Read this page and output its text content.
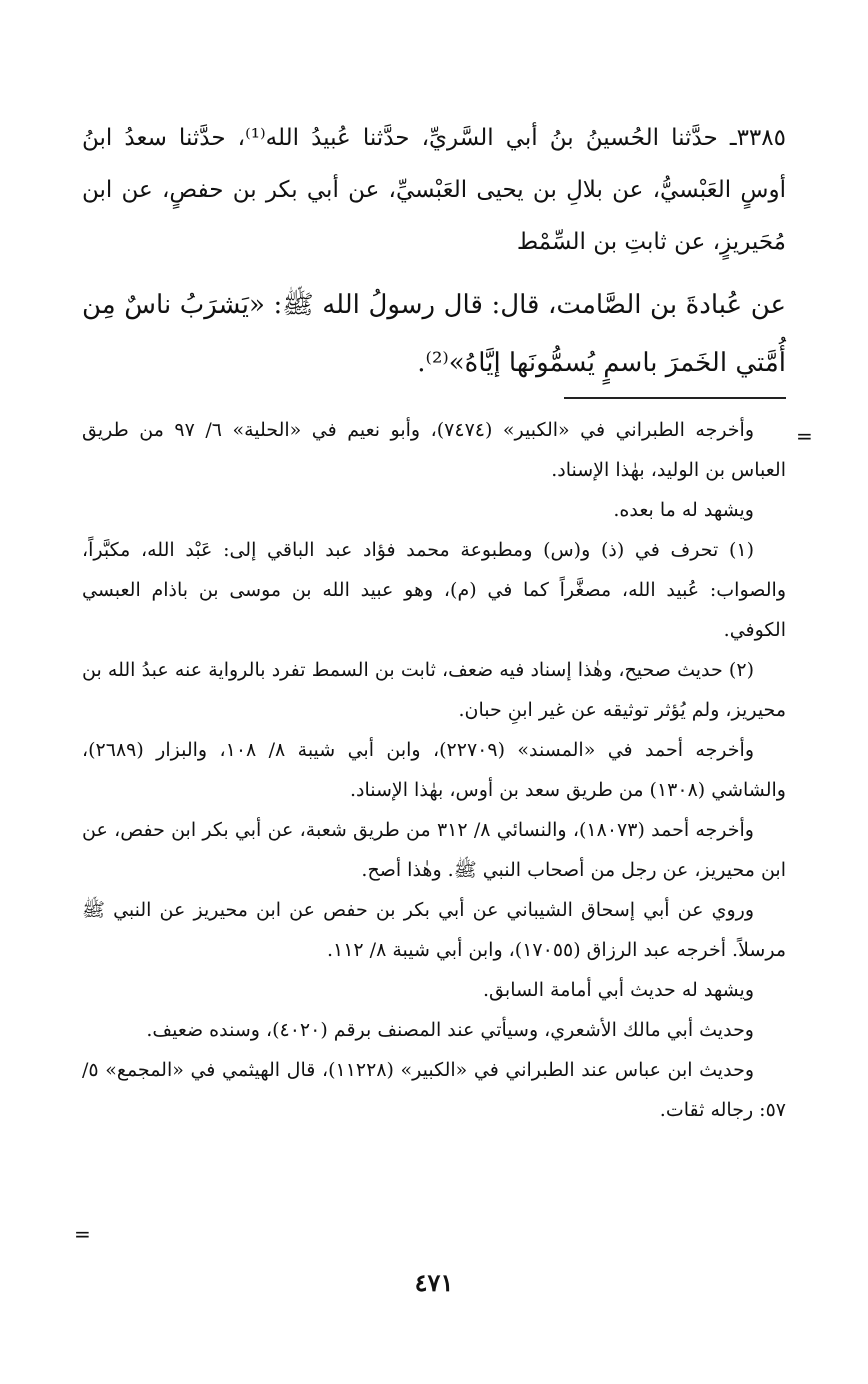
٣٣٨٥ـ حدَّثنا الحُسينُ بنُ أبي السَّريِّ، حدَّثنا عُبيدُ الله⁽¹⁾، حدَّثنا سعدُ ابنُ أوسٍ العَبْسيُّ، عن بلالِ بن يحيى العَبْسيِّ، عن أبي بكر بن حفصٍ، عن ابن مُحَيريزٍ، عن ثابتِ بن السِّمْط

عن عُبادةَ بن الصَّامت، قال: قال رسولُ الله ﷺ: «يَشرَبُ ناسٌ مِن أُمَّتي الخَمرَ باسمٍ يُسمُّونَها إيَّاهُ»⁽²⁾.

=

وأخرجه الطبراني في «الكبير» (٧٤٧٤)، وأبو نعيم في «الحلية» ٦/ ٩٧ من طريق العباس بن الوليد، بهٰذا الإسناد.

ويشهد له ما بعده.

(١) تحرف في (ذ) و(س) ومطبوعة محمد فؤاد عبد الباقي إلى: عَبْد الله، مكبَّراً، والصواب: عُبيد الله، مصغَّراً كما في (م)، وهو عبيد الله بن موسى بن باذام العبسي الكوفي.

(٢) حديث صحيح، وهٰذا إسناد فيه ضعف، ثابت بن السمط تفرد بالرواية عنه عبدُ الله بن محيريز، ولم يُؤثر توثيقه عن غير ابنِ حبان.

وأخرجه أحمد في «المسند» (٢٢٧٠٩)، وابن أبي شيبة ٨/ ١٠٨، والبزار (٢٦٨٩)، والشاشي (١٣٠٨) من طريق سعد بن أوس، بهٰذا الإسناد.

وأخرجه أحمد (١٨٠٧٣)، والنسائي ٨/ ٣١٢ من طريق شعبة، عن أبي بكر ابن حفص، عن ابن محيريز، عن رجل من أصحاب النبي ﷺ. وهٰذا أصح.

وروي عن أبي إسحاق الشيباني عن أبي بكر بن حفص عن ابن محيريز عن النبي ﷺ مرسلاً. أخرجه عبد الرزاق (١٧٠٥٥)، وابن أبي شيبة ٨/ ١١٢.

ويشهد له حديث أبي أمامة السابق.

وحديث أبي مالك الأشعري، وسيأتي عند المصنف برقم (٤٠٢٠)، وسنده ضعيف.

وحديث ابن عباس عند الطبراني في «الكبير» (١١٢٢٨)، قال الهيثمي في «المجمع» ٥/ ٥٧: رجاله ثقات.

=
٤٧١
